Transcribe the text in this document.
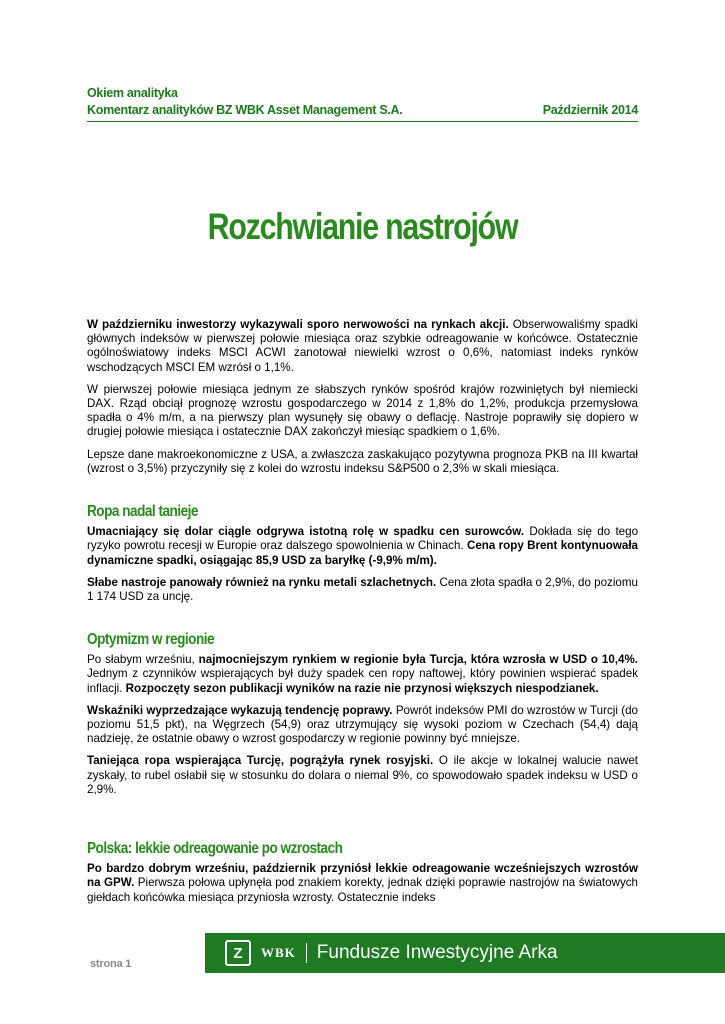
Okiem analityka
Komentarz analityków BZ WBK Asset Management S.A.	Październik 2014
Rozchwianie nastrojów

W październiku inwestorzy wykazywali sporo nerwowości na rynkach akcji. Obserwowaliśmy spadki głównych indeksów w pierwszej połowie miesiąca oraz szybkie odreagowanie w końcówce. Ostatecznie ogólnoświatowy indeks MSCI ACWI zanotował niewielki wzrost o 0,6%, natomiast indeks rynków wschodzących MSCI EM wzrósł o 1,1%.

W pierwszej połowie miesiąca jednym ze słabszych rynków spośród krajów rozwiniętych był niemiecki DAX. Rząd obciął prognozę wzrostu gospodarczego w 2014 z 1,8% do 1,2%, produkcja przemysłowa spadła o 4% m/m, a na pierwszy plan wysunęły się obawy o deflację. Nastroje poprawiły się dopiero w drugiej połowie miesiąca i ostatecznie DAX zakończył miesiąc spadkiem o 1,6%.

Lepsze dane makroekonomiczne z USA, a zwłaszcza zaskakująco pozytywna prognoza PKB na III kwartał (wzrost o 3,5%) przyczyniły się z kolei do wzrostu indeksu S&P500 o 2,3% w skali miesiąca.

Ropa nadal tanieje

Umacniający się dolar ciągle odgrywa istotną rolę w spadku cen surowców. Dokłada się do tego ryzyko powrotu recesji w Europie oraz dalszego spowolnienia w Chinach. Cena ropy Brent kontynuowała dynamiczne spadki, osiągając 85,9 USD za baryłkę (-9,9% m/m).

Słabe nastroje panowały również na rynku metali szlachetnych. Cena złota spadła o 2,9%, do poziomu 1 174 USD za uncję.

Optymizm w regionie

Po słabym wrześniu, najmocniejszym rynkiem w regionie była Turcja, która wzrosła w USD o 10,4%. Jednym z czynników wspierających był duży spadek cen ropy naftowej, który powinien wspierać spadek inflacji. Rozpoczęty sezon publikacji wyników na razie nie przynosi większych niespodzianek.

Wskaźniki wyprzedzające wykazują tendencję poprawy. Powrót indeksów PMI do wzrostów w Turcji (do poziomu 51,5 pkt), na Węgrzech (54,9) oraz utrzymujący się wysoki poziom w Czechach (54,4) dają nadzieję, że ostatnie obawy o wzrost gospodarczy w regionie powinny być mniejsze.

Taniejąca ropa wspierająca Turcję, pogrążyła rynek rosyjski. O ile akcje w lokalnej walucie nawet zyskały, to rubel osłabił się w stosunku do dolara o niemal 9%, co spowodowało spadek indeksu w USD o 2,9%.

Polska: lekkie odreagowanie po wzrostach

Po bardzo dobrym wrześniu, październik przyniósł lekkie odreagowanie wcześniejszych wzrostów na GPW. Pierwsza połowa upłynęła pod znakiem korekty, jednak dzięki poprawie nastrojów na światowych giełdach końcówka miesiąca przyniosła wzrosty. Ostatecznie indeks

Z	WBK Fundusze Inwestycyjne Arka
strona 1
